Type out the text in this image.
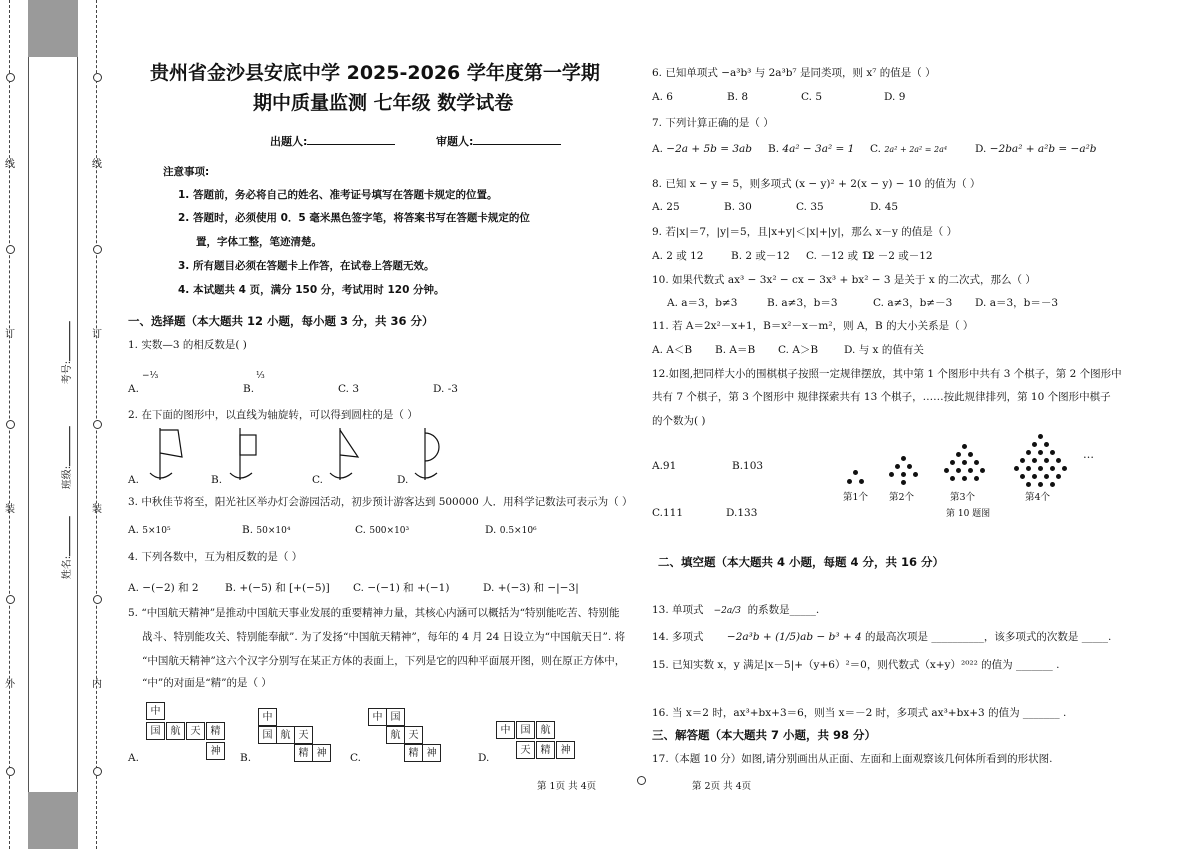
线
订
装
外
线
订
装
内
考号:
班级:
姓名:
贵州省金沙县安底中学 2025-2026 学年度第一学期
期中质量监测 七年级 数学试卷
出题人:	审题人:
注意事项:
1. 答题前，务必将自己的姓名、准考证号填写在答题卡规定的位置。
2. 答题时，必须使用 0．5 毫米黑色签字笔，将答案书写在答题卡规定的位
置，字体工整，笔迹清楚。
3. 所有题目必须在答题卡上作答，在试卷上答题无效。
4. 本试题共 4 页，满分 150 分，考试用时 120 分钟。
一、选择题（本大题共 12 小题，每小题 3 分，共 36 分）
1. 实数—3 的相反数是( )
A.
−⅓
B.
⅓
C. 3	D. -3
2. 在下面的图形中，以直线为轴旋转，可以得到圆柱的是（ ）
A.	B.	C.	D.
3. 中秋佳节将至，阳光社区举办灯会游园活动，初步预计游客达到 500000 人．用科学记数法可表示为（ ）
A. 5×10⁵	B. 50×10⁴	C. 500×10³	D. 0.5×10⁶
4. 下列各数中，互为相反数的是（ ）
A. −(−2) 和 2	B. +(−5) 和 [+(−5)] C. −(−1) 和 +(−1)	D. +(−3) 和 −|−3|
5. “中国航天精神”是推动中国航天事业发展的重要精神力量，其核心内涵可以概括为“特别能吃苦、特别能
战斗、特别能攻关、特别能奉献”. 为了发扬“中国航天精神”，每年的 4 月 24 日设立为“中国航天日”. 将
“中国航天精神”这六个汉字分别写在某正方体的表面上，下列是它的四种平面展开图，则在原正方体中，
“中”的对面是“精”的是（ ）
A.	B.	C.	D.
中
国	航	天	精
神
中
国 航 天
精 神
中 国
航 天
精 神
中	国	航
天	精	神
6. 已知单项式 −a³b³ 与 2a³b⁷ 是同类项，则 x⁷ 的值是（ ）
A. 6	B. 8	C. 5	D. 9
7. 下列计算正确的是（ ）
A. −2a + 5b = 3ab B. 4a² − 3a² = 1 C. 2a² + 2a² = 2a⁴	D. −2ba² + a²b = −a²b
8. 已知 x − y = 5，则多项式 (x − y)² + 2(x − y) − 10 的值为（ ）
A. 25	B. 30	C. 35	D. 45
9. 若|x|＝7，|y|＝5，且|x+y|＜|x|+|y|，那么 x－y 的值是（ ）
A. 2 或 12	B. 2 或－12 C. －12 或 12
D. －2 或－12
10. 如果代数式 ax³ − 3x² − cx − 3x³ + bx² − 3 是关于 x 的二次式，那么（ ）
A. a＝3，b≠3	B. a≠3，b＝3	C. a≠3，b≠－3 D. a＝3，b＝－3
11. 若 A＝2x²－x+1，B＝x²－x－m²，则 A，B 的大小关系是（ ）
A. A＜B B. A＝B C. A＞B D. 与 x 的值有关
12.如图,把同样大小的围棋棋子按照一定规律摆放，其中第 1 个图形中共有 3 个棋子，第 2 个图形中
共有 7 个棋子，第 3 个图形中 规律探索共有 13 个棋子，……按此规律排列，第 10 个图形中棋子
的个数为( )
A.91	B.103
C.111	D.133
…
第1个 第2个	第3个	第4个
第 10 题图
二、填空题（本大题共 4 小题，每题 4 分，共 16 分）
13. 单项式 −2a/3 的系数是_____.
14. 多项式 −2a³b + (1/5)ab − b³ + 4 的最高次项是 __________，该多项式的次数是 _____.
15. 已知实数 x，y 满足|x－5|+（y+6）²＝0，则代数式（x+y）²⁰²² 的值为 _______ .
16. 当 x＝2 时，ax³+bx+3＝6，则当 x＝－2 时，多项式 ax³+bx+3 的值为 _______ .
三、解答题（本大题共 7 小题，共 98 分）
17.（本题 10 分）如图,请分别画出从正面、左面和上面观察该几何体所看到的形状图.
第 1页 共 4页	第 2页 共 4页
